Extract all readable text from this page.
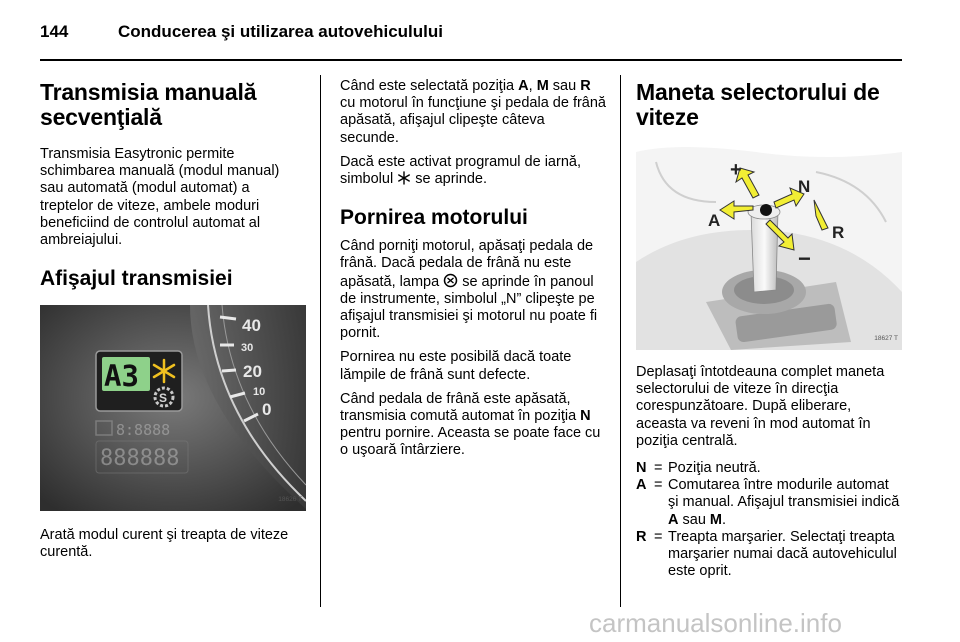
144	Conducerea şi utilizarea autovehiculului
Transmisia manuală secvenţială

Transmisia Easytronic permite schimbarea manuală (modul manual) sau automată (modul automat) a treptelor de viteze, ambele moduri beneficiind de controlul automat al ambreiajului.

Afişajul transmisiei
40
30
20
10
0
A3
S
8:8888
888888
18626 T

Arată modul curent şi treapta de viteze curentă.

Când este selectată poziţia A, M sau R cu motorul în funcţiune şi pedala de frână apăsată, afişajul clipeşte câteva secunde.

Dacă este activat programul de iarnă, simbolul  se aprinde.

Pornirea motorului

Când porniţi motorul, apăsaţi pedala de frână. Dacă pedala de frână nu este apăsată, lampa  se aprinde în panoul de instrumente, simbolul „N” clipeşte pe afişajul transmisiei şi motorul nu poate fi pornit.

Pornirea nu este posibilă dacă toate lămpile de frână sunt defecte.

Când pedala de frână este apăsată, transmisia comută automat în poziţia N pentru pornire. Aceasta se poate face cu o uşoară întârziere.

Maneta selectorului de viteze
+
−
N
A
R
18627 T

Deplasaţi întotdeauna complet maneta selectorului de viteze în direcţia corespunzătoare. După eliberare, aceasta va reveni în mod automat în poziţia centrală.

N = Poziţia neutră.
A = Comutarea între modurile automat şi manual. Afişajul transmisiei indică A sau M.
R = Treapta marşarier. Selectaţi treapta marşarier numai dacă autovehiculul este oprit.
carmanualsonline.info
